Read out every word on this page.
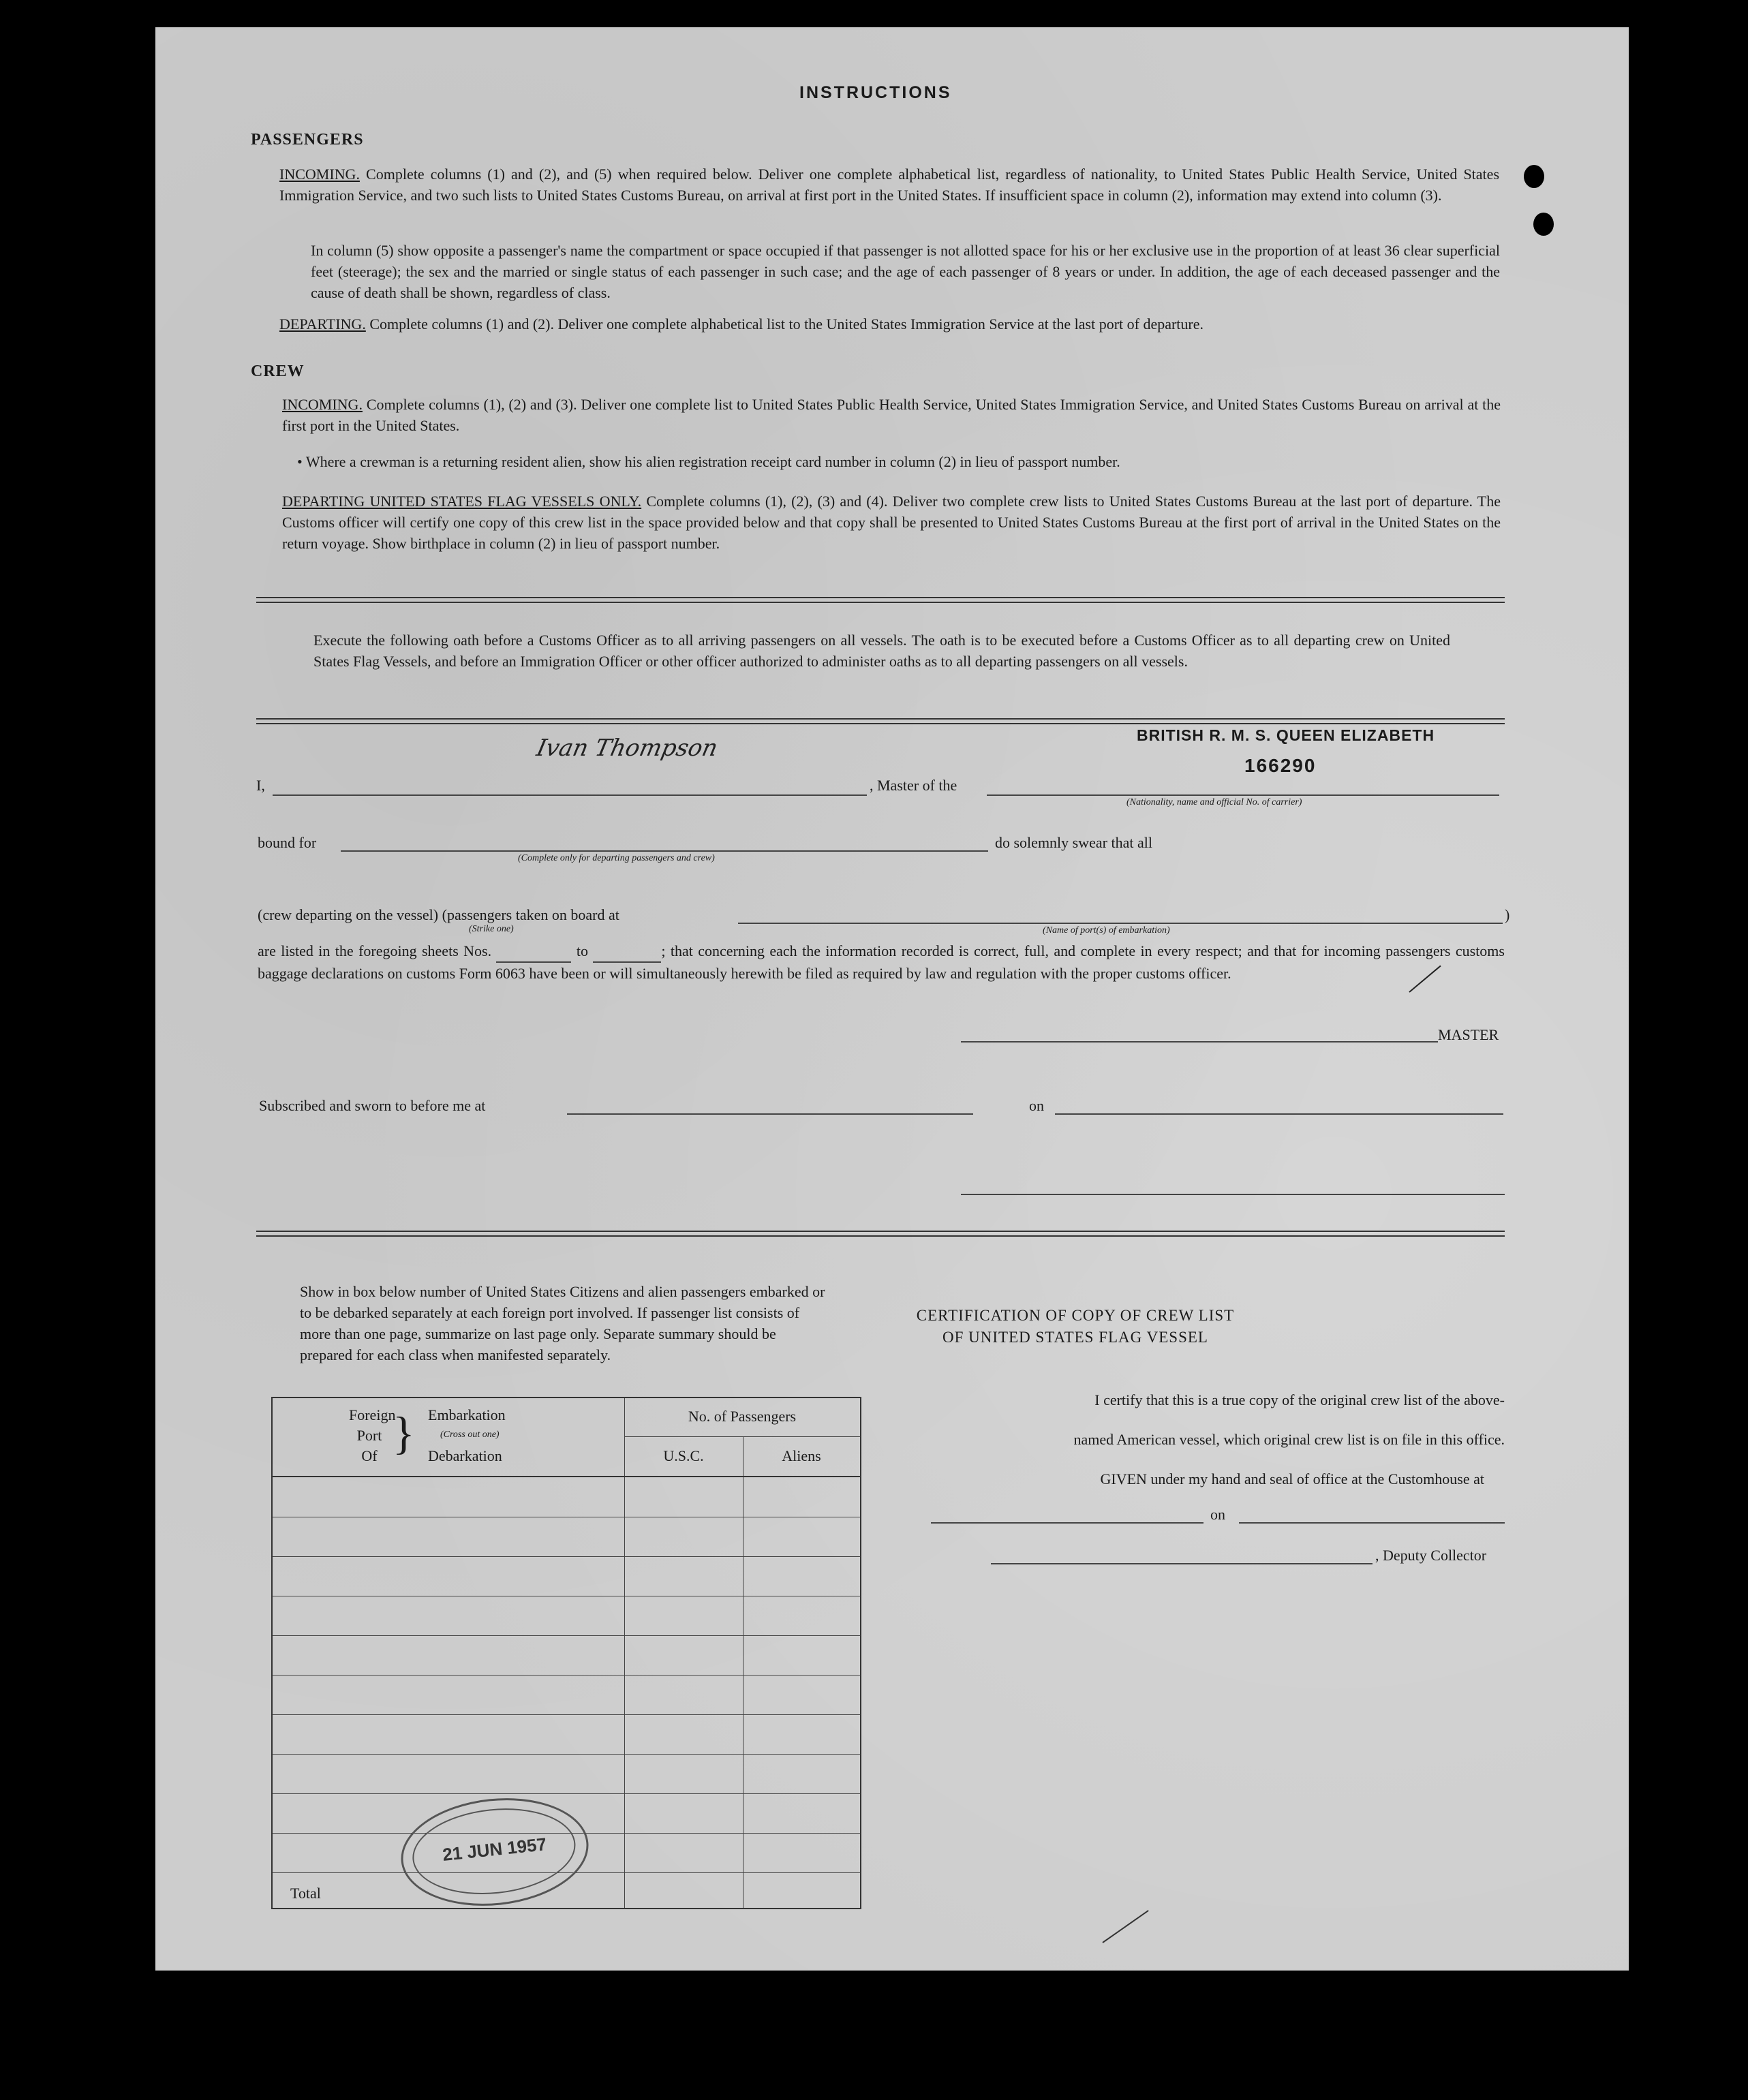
INSTRUCTIONS
PASSENGERS
INCOMING. Complete columns (1) and (2), and (5) when required below. Deliver one complete alphabetical list, regardless of nationality, to United States Public Health Service, United States Immigration Service, and two such lists to United States Customs Bureau, on arrival at first port in the United States. If insufficient space in column (2), information may extend into column (3).
In column (5) show opposite a passenger's name the compartment or space occupied if that passenger is not allotted space for his or her exclusive use in the proportion of at least 36 clear superficial feet (steerage); the sex and the married or single status of each passenger in such case; and the age of each passenger of 8 years or under. In addition, the age of each deceased passenger and the cause of death shall be shown, regardless of class.
DEPARTING. Complete columns (1) and (2). Deliver one complete alphabetical list to the United States Immigration Service at the last port of departure.
CREW
INCOMING. Complete columns (1), (2) and (3). Deliver one complete list to United States Public Health Service, United States Immigration Service, and United States Customs Bureau on arrival at the first port in the United States.
• Where a crewman is a returning resident alien, show his alien registration receipt card number in column (2) in lieu of passport number.
DEPARTING UNITED STATES FLAG VESSELS ONLY. Complete columns (1), (2), (3) and (4). Deliver two complete crew lists to United States Customs Bureau at the last port of departure. The Customs officer will certify one copy of this crew list in the space provided below and that copy shall be presented to United States Customs Bureau at the first port of arrival in the United States on the return voyage. Show birthplace in column (2) in lieu of passport number.
Execute the following oath before a Customs Officer as to all arriving passengers on all vessels. The oath is to be executed before a Customs Officer as to all departing crew on United States Flag Vessels, and before an Immigration Officer or other officer authorized to administer oaths as to all departing passengers on all vessels.
I,
Ivan Thompson
, Master of the
BRITISH R. M. S. QUEEN ELIZABETH
166290
(Nationality, name and official No. of carrier)
bound for
(Complete only for departing passengers and crew)
do solemnly swear that all
(crew departing on the vessel) (passengers taken on board at
(Strike one)	(Name of port(s) of embarkation)
)
are listed in the foregoing sheets Nos.	to	; that concerning each the information recorded is correct, full, and complete in every respect; and that for incoming passengers customs baggage declarations on customs Form 6063 have been or will simultaneously herewith be filed as required by law and regulation with the proper customs officer.
MASTER
Subscribed and sworn to before me at	on
Show in box below number of United States Citizens and alien passengers embarked or to be debarked separately at each foreign port involved. If passenger list consists of more than one page, summarize on last page only. Separate summary should be prepared for each class when manifested separately.
Foreign
Port
Of } Embarkation
(Cross out one)
Debarkation
No. of Passengers
U.S.C.	Aliens
Total
21 JUN 1957
CERTIFICATION OF COPY OF CREW LIST
OF UNITED STATES FLAG VESSEL
I certify that this is a true copy of the original crew list of the above-
named American vessel, which original crew list is on file in this office.
GIVEN under my hand and seal of office at the Customhouse at
on
, Deputy Collector
